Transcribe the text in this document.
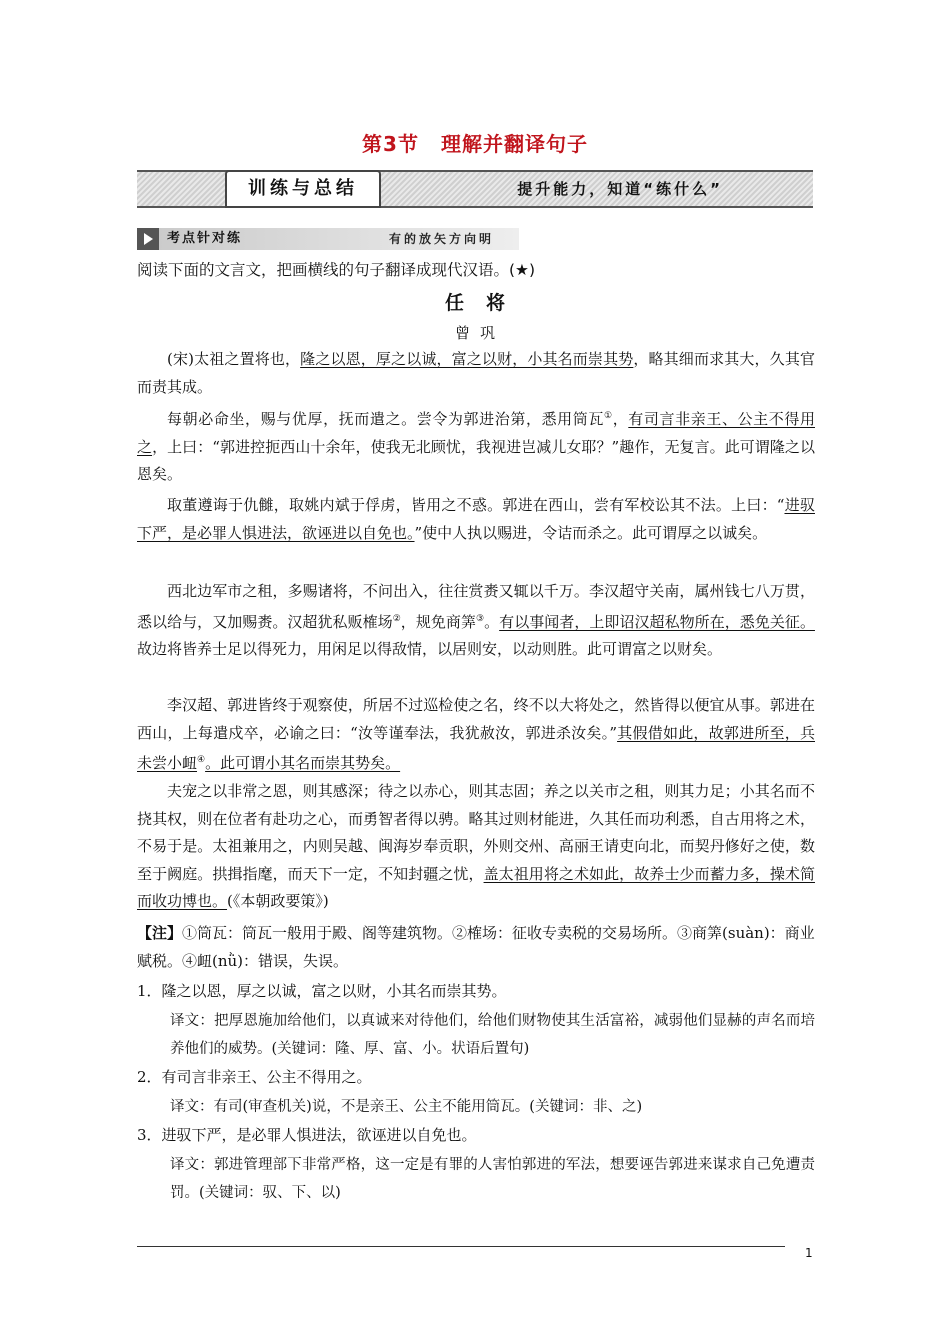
第3节 理解并翻译句子
训练与总结	提升能力，知道“练什么”
考点针对练	有的放矢方向明
阅读下面的文言文，把画横线的句子翻译成现代汉语。(★)
任将
曾巩
(宋)太祖之置将也，隆之以恩，厚之以诚，富之以财，小其名而崇其势，略其细而求其大，久其官而责其成。
每朝必命坐，赐与优厚，抚而遣之。尝令为郭进治第，悉用筒瓦①，有司言非亲王、公主不得用之，上曰：“郭进控扼西山十余年，使我无北顾忧，我视进岂减儿女耶？”趣作，无复言。此可谓隆之以恩矣。
取董遵诲于仇雠，取姚内斌于俘虏，皆用之不惑。郭进在西山，尝有军校讼其不法。上曰：“进驭下严，是必罪人惧进法，欲诬进以自免也。”使中人执以赐进，令诘而杀之。此可谓厚之以诚矣。
西北边军市之租，多赐诸将，不问出入，往往赏赉又辄以千万。李汉超守关南，属州钱七八万贯，悉以给与，又加赐赉。汉超犹私贩榷场②，规免商筭③。有以事闻者，上即诏汉超私物所在，悉免关征。故边将皆养士足以得死力，用闲足以得敌情，以居则安，以动则胜。此可谓富之以财矣。
李汉超、郭进皆终于观察使，所居不过巡检使之名，终不以大将处之，然皆得以便宜从事。郭进在西山，上每遣戍卒，必谕之曰：“汝等谨奉法，我犹赦汝，郭进杀汝矣。”其假借如此，故郭进所至，兵未尝小衄④。此可谓小其名而崇其势矣。
夫宠之以非常之恩，则其感深；待之以赤心，则其志固；养之以关市之租，则其力足；小其名而不挠其权，则在位者有赴功之心，而勇智者得以骋。略其过则材能进，久其任而功利悉，自古用将之术，不易于是。太祖兼用之，内则吴越、闽海岁奉贡职，外则交州、高丽王请吏向北，而契丹修好之使，数至于阙庭。拱揖指麾，而天下一定，不知封疆之忧，盖太祖用将之术如此，故养士少而蓄力多，操术简而收功博也。(《本朝政要策》)
【注】①筒瓦：筒瓦一般用于殿、阁等建筑物。②榷场：征收专卖税的交易场所。③商筭(suàn)：商业赋税。④衄(nǜ)：错误，失误。
1．隆之以恩，厚之以诚，富之以财，小其名而崇其势。
译文：把厚恩施加给他们，以真诚来对待他们，给他们财物使其生活富裕，减弱他们显赫的声名而培养他们的威势。(关键词：隆、厚、富、小。状语后置句)
2．有司言非亲王、公主不得用之。
译文：有司(审查机关)说，不是亲王、公主不能用筒瓦。(关键词：非、之)
3．进驭下严，是必罪人惧进法，欲诬进以自免也。
译文：郭进管理部下非常严格，这一定是有罪的人害怕郭进的军法，想要诬告郭进来谋求自己免遭责罚。(关键词：驭、下、以)
1
